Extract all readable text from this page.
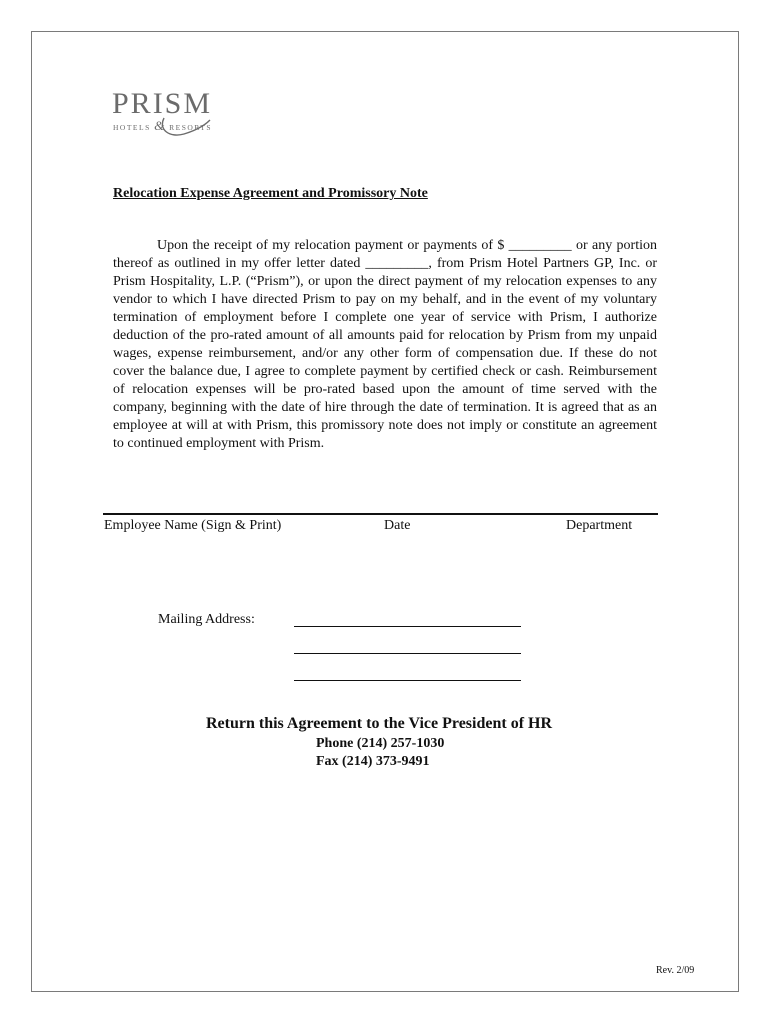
PRISM
HOTELS & RESORTS
Relocation Expense Agreement and Promissory Note
Upon the receipt of my relocation payment or payments of $ _________ or any portion thereof as outlined in my offer letter dated _________, from Prism Hotel Partners GP, Inc. or Prism Hospitality, L.P. (“Prism”), or upon the direct payment of my relocation expenses to any vendor to which I have directed Prism to pay on my behalf, and in the event of my voluntary termination of employment before I complete one year of service with Prism, I authorize deduction of the pro-rated amount of all amounts paid for relocation by Prism from my unpaid wages, expense reimbursement, and/or any other form of compensation due. If these do not cover the balance due, I agree to complete payment by certified check or cash. Reimbursement of relocation expenses will be pro-rated based upon the amount of time served with the company, beginning with the date of hire through the date of termination. It is agreed that as an employee at will at with Prism, this promissory note does not imply or constitute an agreement to continued employment with Prism.
Employee Name (Sign & Print)	Date	Department
Mailing Address:
Return this Agreement to the Vice President of HR
Phone (214) 257-1030
Fax (214) 373-9491
Rev. 2/09
